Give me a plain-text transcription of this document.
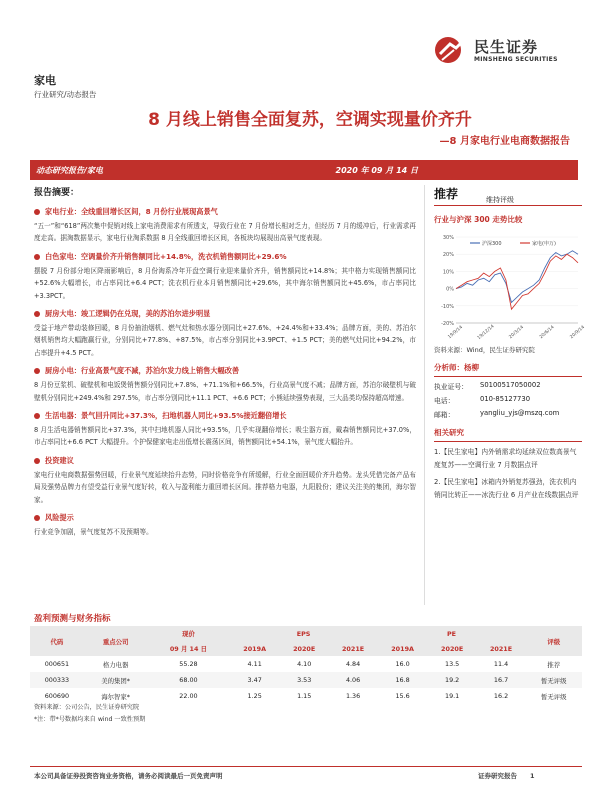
民生证券
MINSHENG SECURITIES
家电
行业研究/动态报告
8 月线上销售全面复苏，空调实现量价齐升
—8 月家电行业电商数据报告
动态研究报告/家电	2020 年 09 月 14 日
报告摘要：
家电行业：全线重回增长区间，8 月份行业展现高景气
“五一”和“618”两次集中促销对线上家电消费需求有所透支，导致行业在 7 月份增长相对乏力，但经历 7 月的缓冲后，行业需求再度走高。据淘数据显示，家电行业淘系数据 8 月全线重回增长区间，各板块均展现出高景气度表现。
白色家电：空调量价齐升销售额同比+14.8%，洗衣机销售额同比+29.6%
摆脱 7 月份部分地区降雨影响后，8 月份淘系冷年开盘空调行业迎来量价齐升，销售额同比+14.8%；其中格力实现销售额同比+52.6%大幅增长，市占率同比+6.4 PCT；洗衣机行业本月销售额同比+29.6%，其中海尔销售额同比+45.6%，市占率同比+3.3PCT。
厨房大电：竣工逻辑仍在兑现，美的苏泊尔进步明显
受益于地产带动装修回暖，8 月份抽油烟机、燃气灶和热水器分别同比+27.6%、+24.4%和+33.4%；品牌方面，美的、苏泊尔烟机销售均大幅跑赢行业，分别同比+77.8%、+87.5%，市占率分别同比+3.9PCT、+1.5 PCT；美的燃气灶同比+94.2%，市占率提升+4.5 PCT。
厨房小电：行业高景气度不减，苏泊尔发力线上销售大幅改善
8 月份豆浆机、破壁机和电饭煲销售额分别同比+7.8%、+71.1%和+66.5%，行业高景气度不减；品牌方面，苏泊尔破壁机与破壁机分别同比+249.4%和 297.5%，市占率分别同比+11.1 PCT、+6.6 PCT；小熊延续强势表现，三大品类均保持超高增速。
生活电器：景气回升同比+37.3%，扫地机器人同比+93.5%接近翻倍增长
8 月生活电器销售额同比+37.3%，其中扫地机器人同比+93.5%，几乎实现翻倍增长；吸尘器方面，戴森销售额同比+37.0%，市占率同比+6.6 PCT 大幅提升。个护保健家电走出低增长震荡区间，销售额同比+54.1%，景气度大幅抬升。
投资建议
家电行业电商数据强势回暖，行业景气度延续抬升态势，同时价格竞争有所缓解，行业全面回暖价齐升趋势。龙头凭借完备产品布局及强势品牌力有望受益行业景气度好转，收入与盈利能力重回增长区间。推荐格力电器，九阳股份；建议关注美的集团，海尔智家。
风险提示
行业竞争加剧，景气度复苏不及预期等。
推荐	维持评级
行业与沪深 300 走势比较
30%
20%
10%
0%
-10%
-20%
19/9/14	19/12/14	20/3/14	20/6/14	20/9/14
沪深300	家电(申万)
资料来源：Wind，民生证券研究院
分析师：杨柳
执业证号：	S0100517050002
电话：	010-85127730
邮箱：	yangliu_yjs@mszq.com
相关研究
1.【民生家电】内外销需求均延续双位数高景气度复苏——空调行业 7 月数据点评
2.【民生家电】冰箱内外销复苏强劲，洗衣机内销同比转正——冰洗行业 6 月产业在线数据点评
盈利预测与财务指标
代码	重点公司	现价	EPS			PE			评级
		09 月 14 日	2019A	2020E	2021E	2019A	2020E	2021E	
000651	格力电器	55.28	4.11	4.10	4.84	16.0	13.5	11.4	推荐
000333	美的集团*	68.00	3.47	3.53	4.06	16.8	19.2	16.7	暂无评级
600690	海尔智家*	22.00	1.25	1.15	1.36	15.6	19.1	16.2	暂无评级
资料来源：公司公告，民生证券研究院
*注：带*号数据均来自 wind 一致性预期
本公司具备证券投资咨询业务资格，请务必阅读最后一页免责声明	证券研究报告　　1
